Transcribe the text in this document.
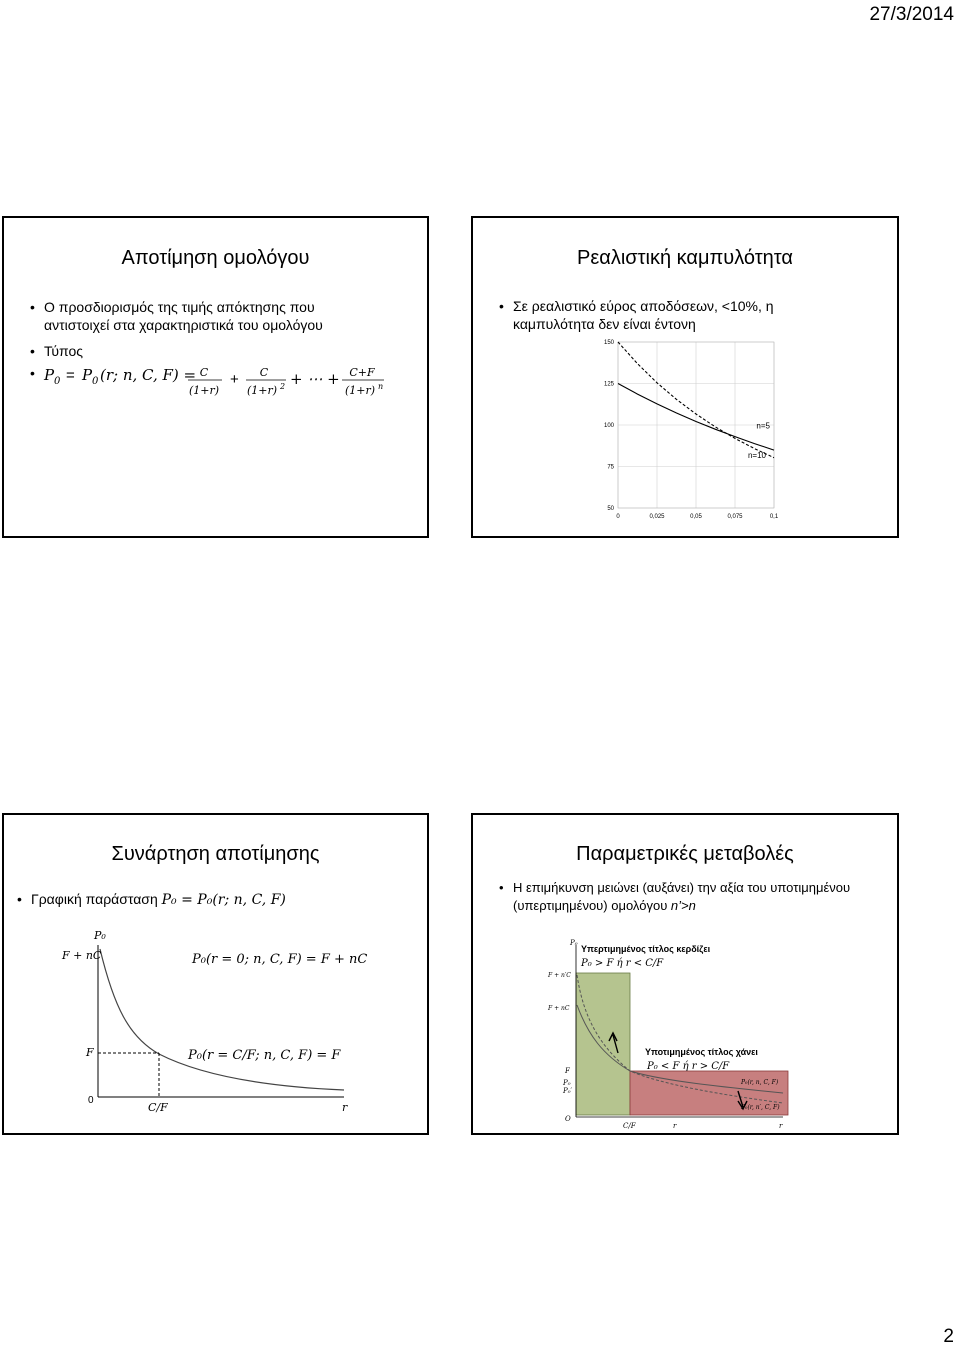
27/3/2014
Αποτίμηση ομολόγου
• Ο προσδιορισμός της τιμής απόκτησης που
αντιστοιχεί στα χαρακτηριστικά του ομολόγου
• Τύπος
• P 0 = P 0 (r; n, C, F) = C
(1+r)
+ C
(1+r) 2 + ⋯ + C+F
(1+r) n
Ρεαλιστική καμπυλότητα
• Σε ρεαλιστικό εύρος αποδόσεων, <10%, η
καμπυλότητα δεν είναι έντονη
0	0,025	0,05	0,075	0,1
50
75
100
125
150
n=5
n=10
Συνάρτηση αποτίμησης
• Γραφική παράσταση P₀ = P₀(r; n, C, F)
P₀
F + nC
F
0
C/F	r
P₀(r = 0; n, C, F) = F + nC
P₀(r = C/F; n, C, F) = F
Παραμετρικές μεταβολές
• Η επιμήκυνση μειώνει (αυξάνει) την αξία του υποτιμημένου
(υπερτιμημένου) ομολόγου n’>n
P₀
F + n′C
F + nC
F
P₀
P₀′
O
C/F	r	r
Υπερτιμημένος τίτλος κερδίζει
P₀ > F ή r < C/F
Υποτιμημένος τίτλος χάνει
P₀ < F ή r > C/F
P₀(r, n, C, F)
P₀(r, n′, C, F)
2
